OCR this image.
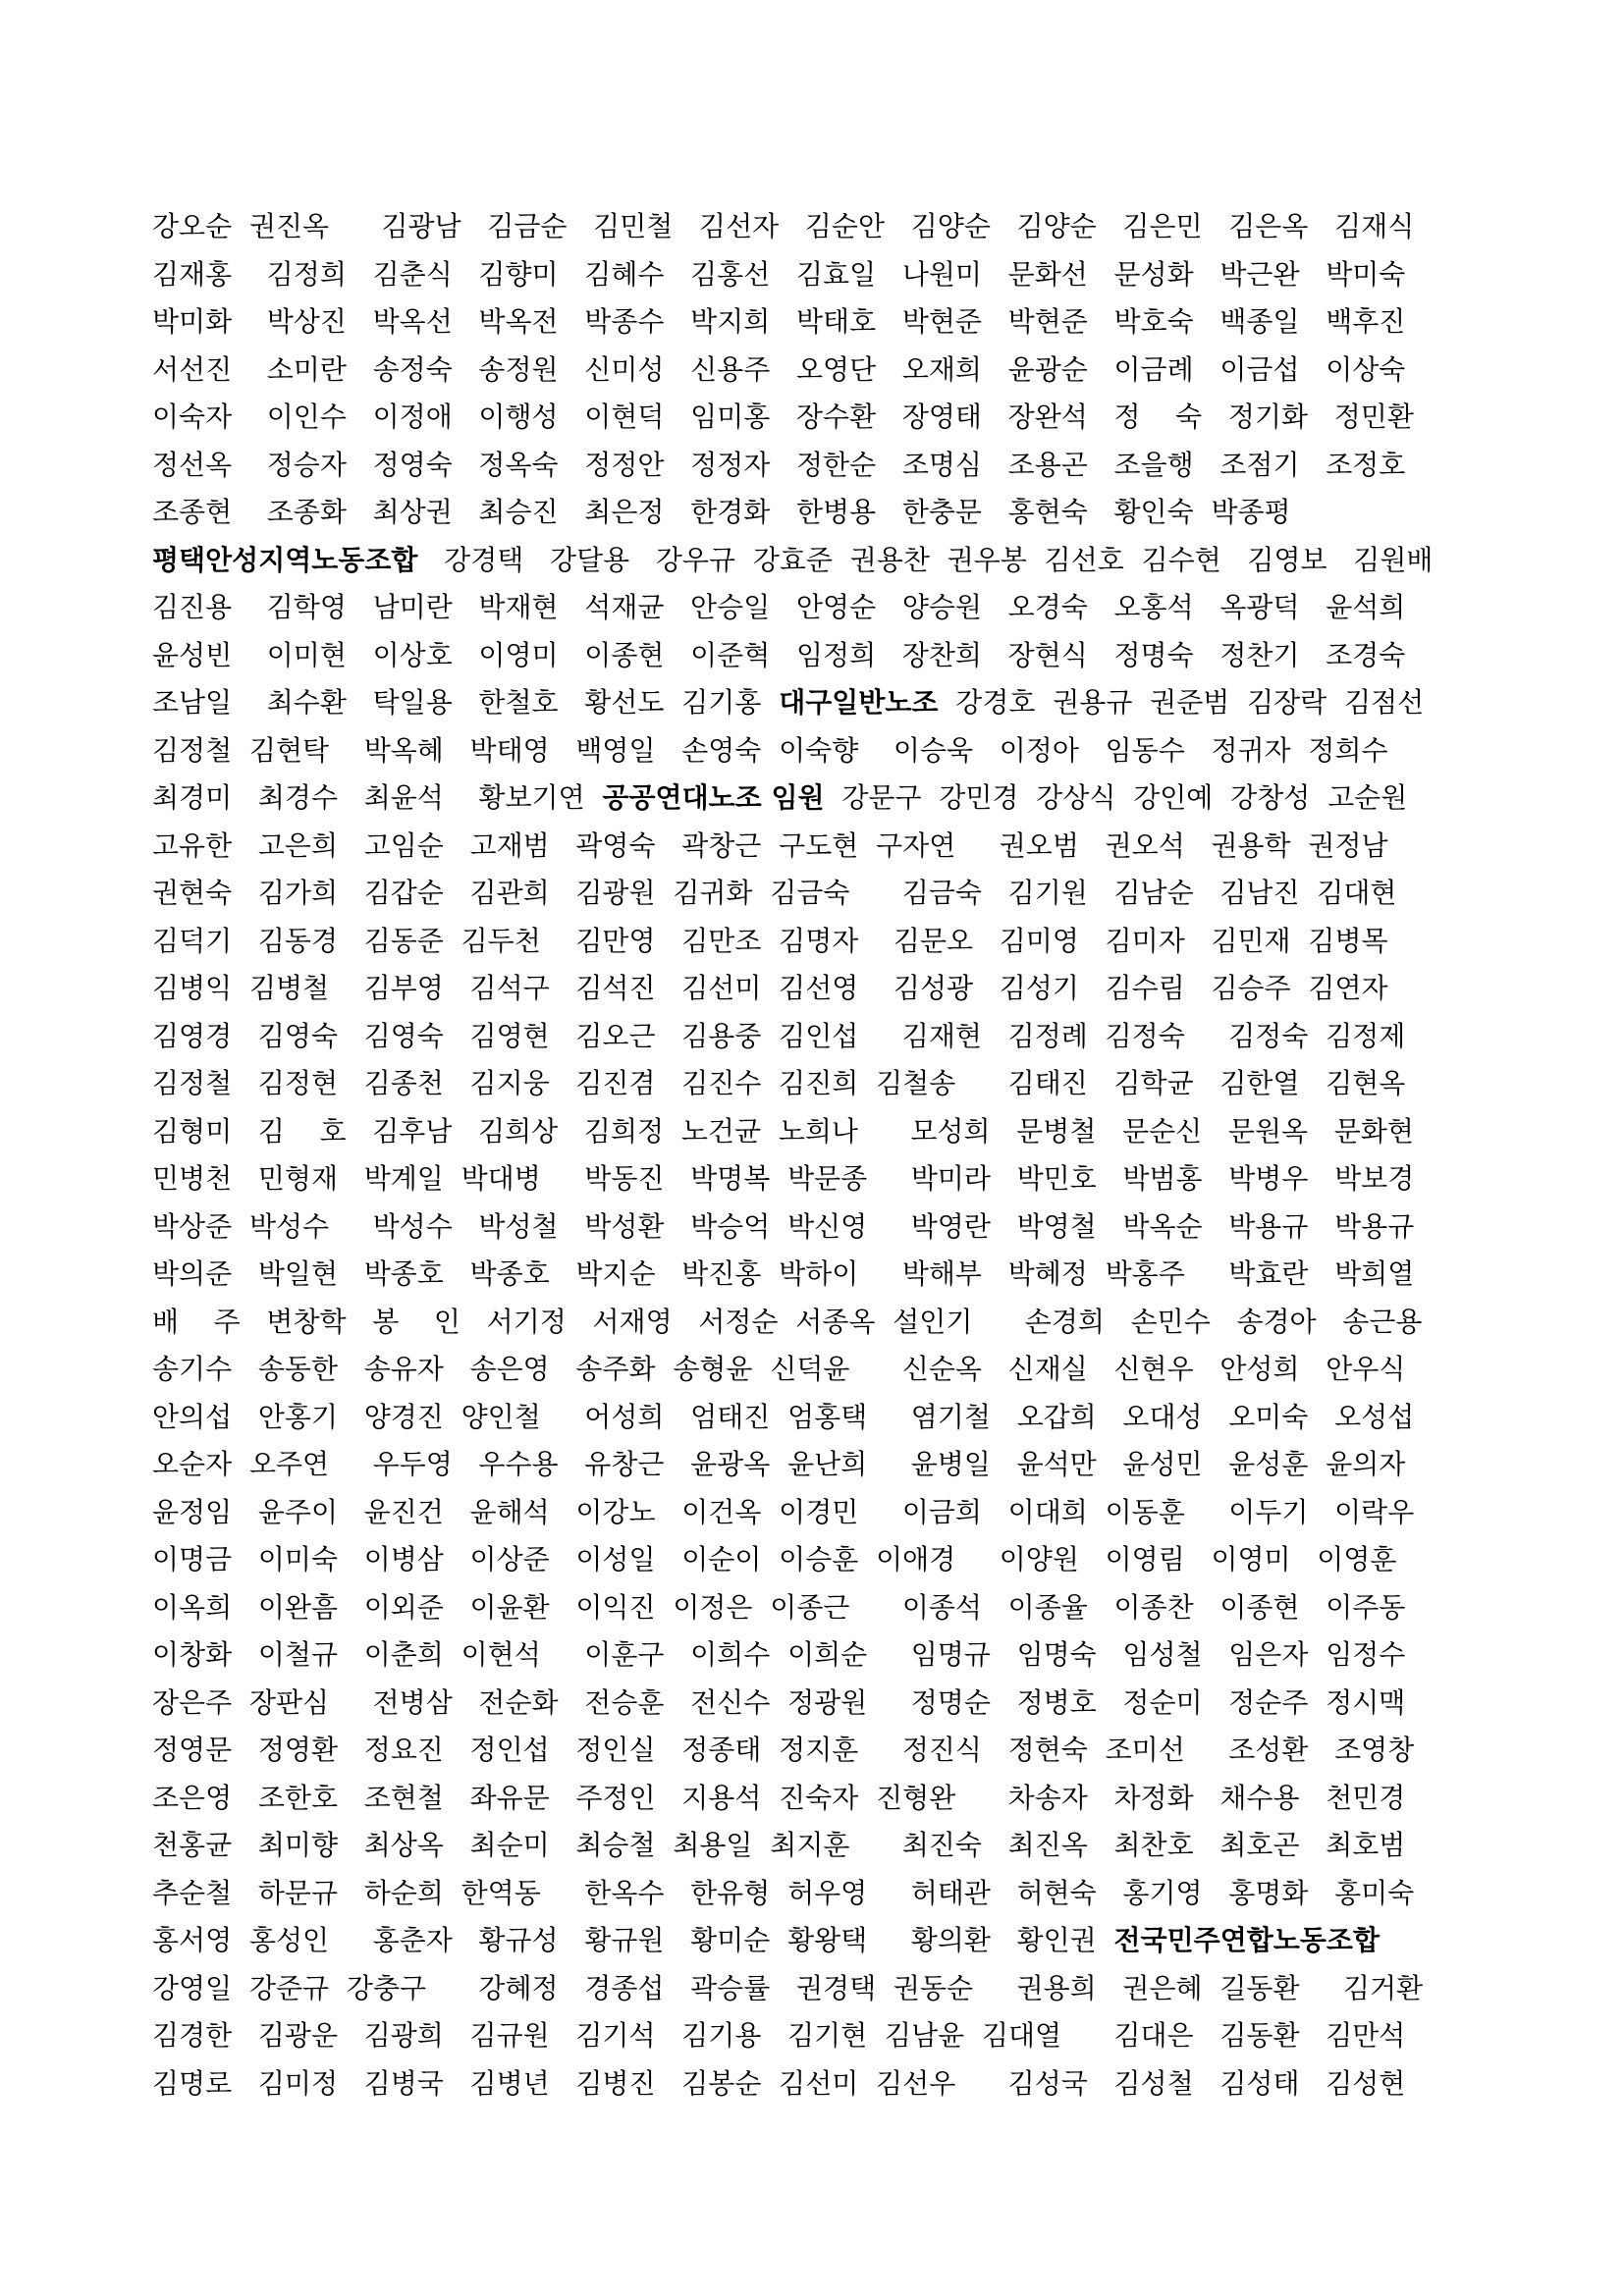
강오순  권진옥      김광남   김금순   김민철   김선자   김순안   김양순   김양순   김은민   김은옥   김재식
김재홍    김정희   김춘식   김향미   김혜수   김홍선   김효일   나원미   문화선   문성화   박근완   박미숙
박미화    박상진   박옥선   박옥전   박종수   박지희   박태호   박현준   박현준   박호숙   백종일   백후진
서선진    소미란   송정숙   송정원   신미성   신용주   오영단   오재희   윤광순   이금례   이금섭   이상숙
이숙자    이인수   이정애   이행성   이현덕   임미홍   장수환   장영태   장완석   정    숙   정기화   정민환
정선옥    정승자   정영숙   정옥숙   정정안   정정자   정한순   조명심   조용곤   조을행   조점기   조정호
조종현    조종화   최상권   최승진   최은정   한경화   한병용   한충문   홍현숙   황인숙  박종평
평택안성지역노동조합   강경택   강달용   강우규  강효준  권용찬  권우봉  김선호  김수현   김영보   김원배
김진용    김학영   남미란   박재현   석재균   안승일   안영순   양승원   오경숙   오홍석   옥광덕   윤석희
윤성빈    이미현   이상호   이영미   이종현   이준혁   임정희   장찬희   장현식   정명숙   정찬기   조경숙
조남일    최수환   탁일용   한철호   황선도  김기홍  대구일반노조  강경호  권용규  권준범  김장락  김점선
김정철  김현탁    박옥혜   박태영   백영일   손영숙  이숙향    이승욱   이정아   임동수   정귀자  정희수
최경미   최경수   최윤석    황보기연  공공연대노조 임원  강문구  강민경  강상식  강인예  강창성  고순원
고유한   고은희   고임순   고재범   곽영숙   곽창근  구도현  구자연     권오범   권오석   권용학  권정남
권현숙   김가희   김갑순   김관희   김광원  김귀화  김금숙      김금숙   김기원   김남순   김남진  김대현
김덕기   김동경   김동준  김두천    김만영   김만조  김명자    김문오   김미영   김미자   김민재  김병목
김병익  김병철    김부영   김석구   김석진   김선미  김선영    김성광   김성기   김수림   김승주  김연자
김영경   김영숙   김영숙   김영현   김오근   김용중  김인섭     김재현   김정례  김정숙     김정숙  김정제
김정철   김정현   김종천   김지웅   김진겸   김진수  김진희  김철송      김태진   김학균   김한열   김현옥
김형미   김    호   김후남   김희상   김희정  노건균  노희나      모성희   문병철   문순신   문원옥   문화현
민병천   민형재   박계일  박대병     박동진   박명복  박문종     박미라   박민호   박범홍   박병우   박보경
박상준  박성수     박성수   박성철   박성환   박승억  박신영     박영란   박영철   박옥순   박용규   박용규
박의준   박일현   박종호   박종호   박지순   박진홍  박하이     박해부   박혜정  박홍주     박효란   박희열
배    주   변창학   봉    인   서기정   서재영   서정순  서종옥  설인기      손경희   손민수   송경아   송근용
송기수   송동한   송유자   송은영   송주화  송형윤  신덕윤      신순옥   신재실   신현우   안성희   안우식
안의섭   안홍기   양경진  양인철     어성희   엄태진  엄홍택     염기철   오갑희   오대성   오미숙   오성섭
오순자  오주연     우두영   우수용   유창근   윤광옥  윤난희     윤병일   윤석만   윤성민   윤성훈  윤의자
윤정임   윤주이   윤진건   윤해석   이강노   이건옥  이경민     이금희   이대희  이동훈     이두기   이락우
이명금   이미숙   이병삼   이상준   이성일   이순이  이승훈  이애경     이양원   이영림   이영미   이영훈
이옥희   이완흠   이외준   이윤환   이익진  이정은  이종근      이종석   이종율   이종찬   이종현   이주동
이창화   이철규   이춘희  이현석     이훈구   이희수  이희순     임명규   임명숙   임성철   임은자  임정수
장은주  장판심     전병삼   전순화   전승훈   전신수  정광원     정명순   정병호   정순미   정순주  정시맥
정영문   정영환   정요진   정인섭   정인실   정종태  정지훈     정진식   정현숙  조미선     조성환   조영창
조은영   조한호   조현철   좌유문   주정인   지용석  진숙자  진형완      차송자   차정화   채수용   천민경
천홍균   최미향   최상옥   최순미   최승철  최용일  최지훈      최진숙   최진옥   최찬호   최호곤   최호범
추순철   하문규   하순희  한역동     한옥수   한유형  허우영     허태관   허현숙   홍기영   홍명화   홍미숙
홍서영  홍성인     홍춘자   황규성   황규원   황미순  황왕택     황의환   황인권  전국민주연합노동조합
강영일  강준규  강충구      강혜정   경종섭   곽승률   권경택  권동순     권용희   권은혜  길동환     김거환
김경한   김광운   김광희   김규원   김기석   김기용   김기현  김남윤  김대열      김대은   김동환   김만석
김명로   김미정   김병국   김병년   김병진   김봉순  김선미  김선우      김성국   김성철   김성태   김성현
